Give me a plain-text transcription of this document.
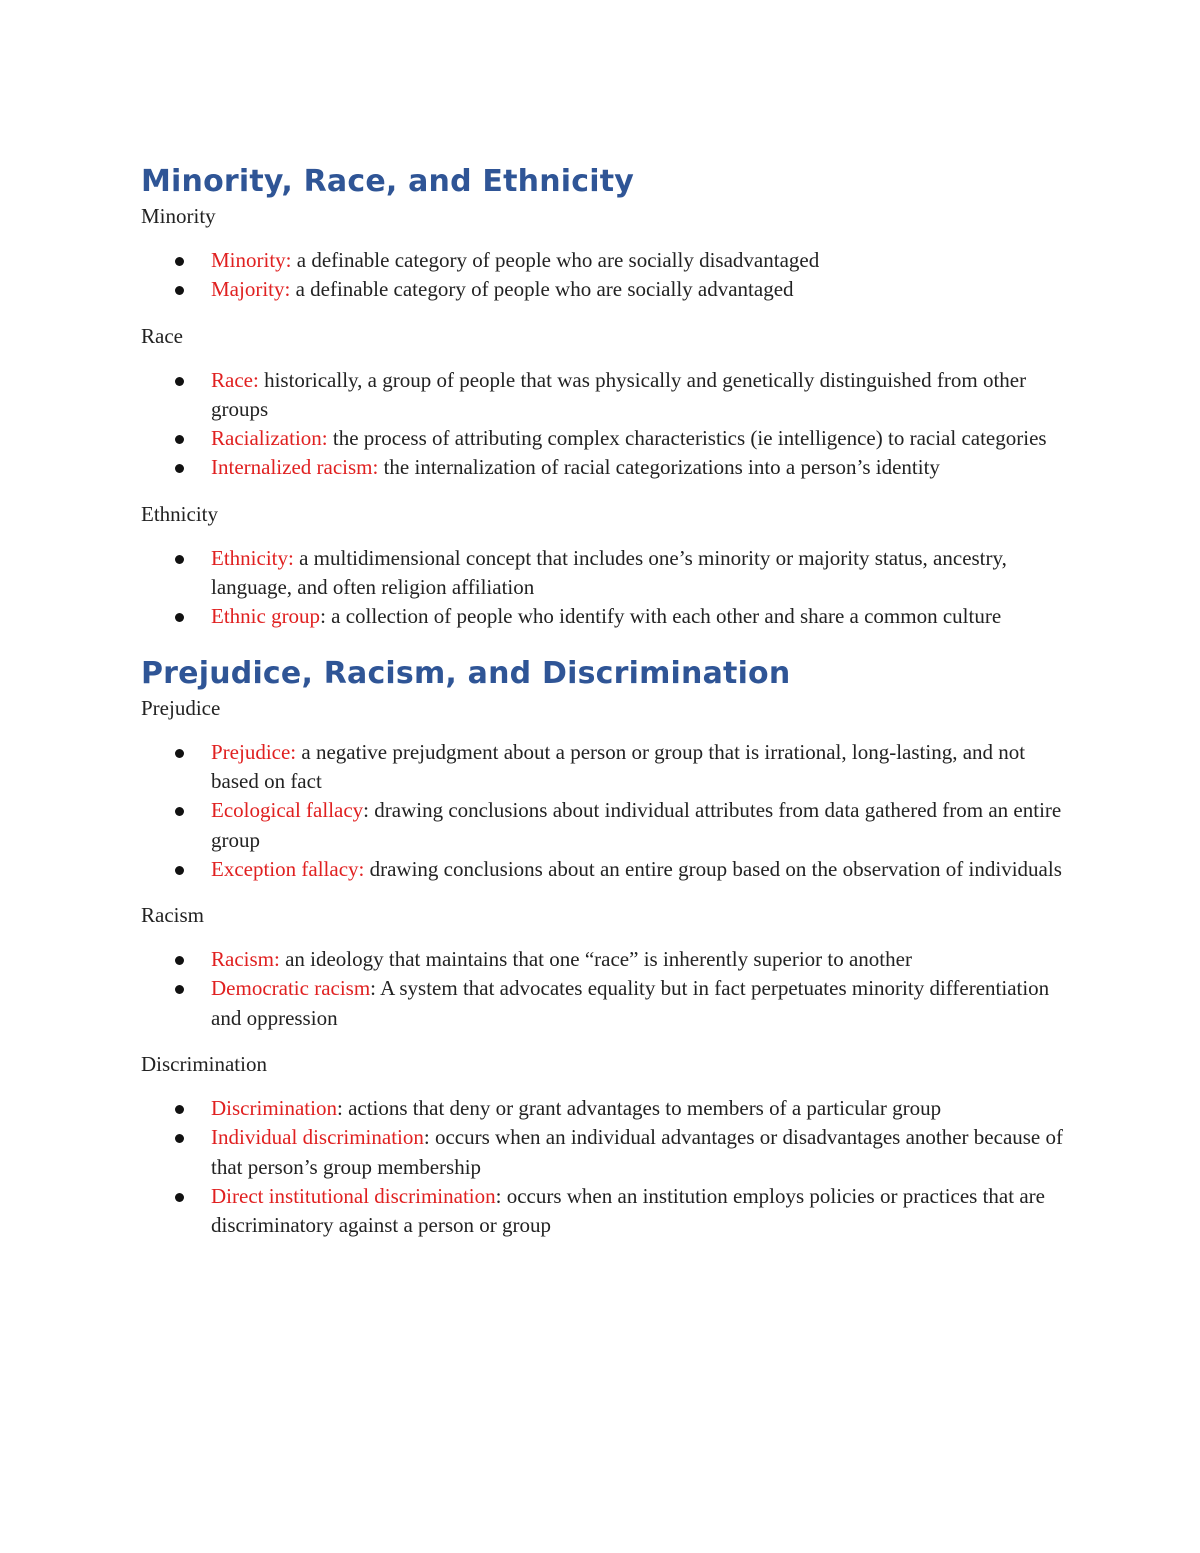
Minority, Race, and Ethnicity

Minority

Minority: a definable category of people who are socially disadvantaged
Majority: a definable category of people who are socially advantaged

Race

Race: historically, a group of people that was physically and genetically distinguished from other groups
Racialization: the process of attributing complex characteristics (ie intelligence) to racial categories
Internalized racism: the internalization of racial categorizations into a person’s identity

Ethnicity

Ethnicity: a multidimensional concept that includes one’s minority or majority status, ancestry, language, and often religion affiliation
Ethnic group: a collection of people who identify with each other and share a common culture
Prejudice, Racism, and Discrimination

Prejudice

Prejudice: a negative prejudgment about a person or group that is irrational, long-lasting, and not based on fact
Ecological fallacy: drawing conclusions about individual attributes from data gathered from an entire group
Exception fallacy: drawing conclusions about an entire group based on the observation of individuals

Racism

Racism: an ideology that maintains that one “race” is inherently superior to another
Democratic racism: A system that advocates equality but in fact perpetuates minority differentiation and oppression

Discrimination

Discrimination: actions that deny or grant advantages to members of a particular group
Individual discrimination: occurs when an individual advantages or disadvantages another because of that person’s group membership
Direct institutional discrimination: occurs when an institution employs policies or practices that are discriminatory against a person or group
